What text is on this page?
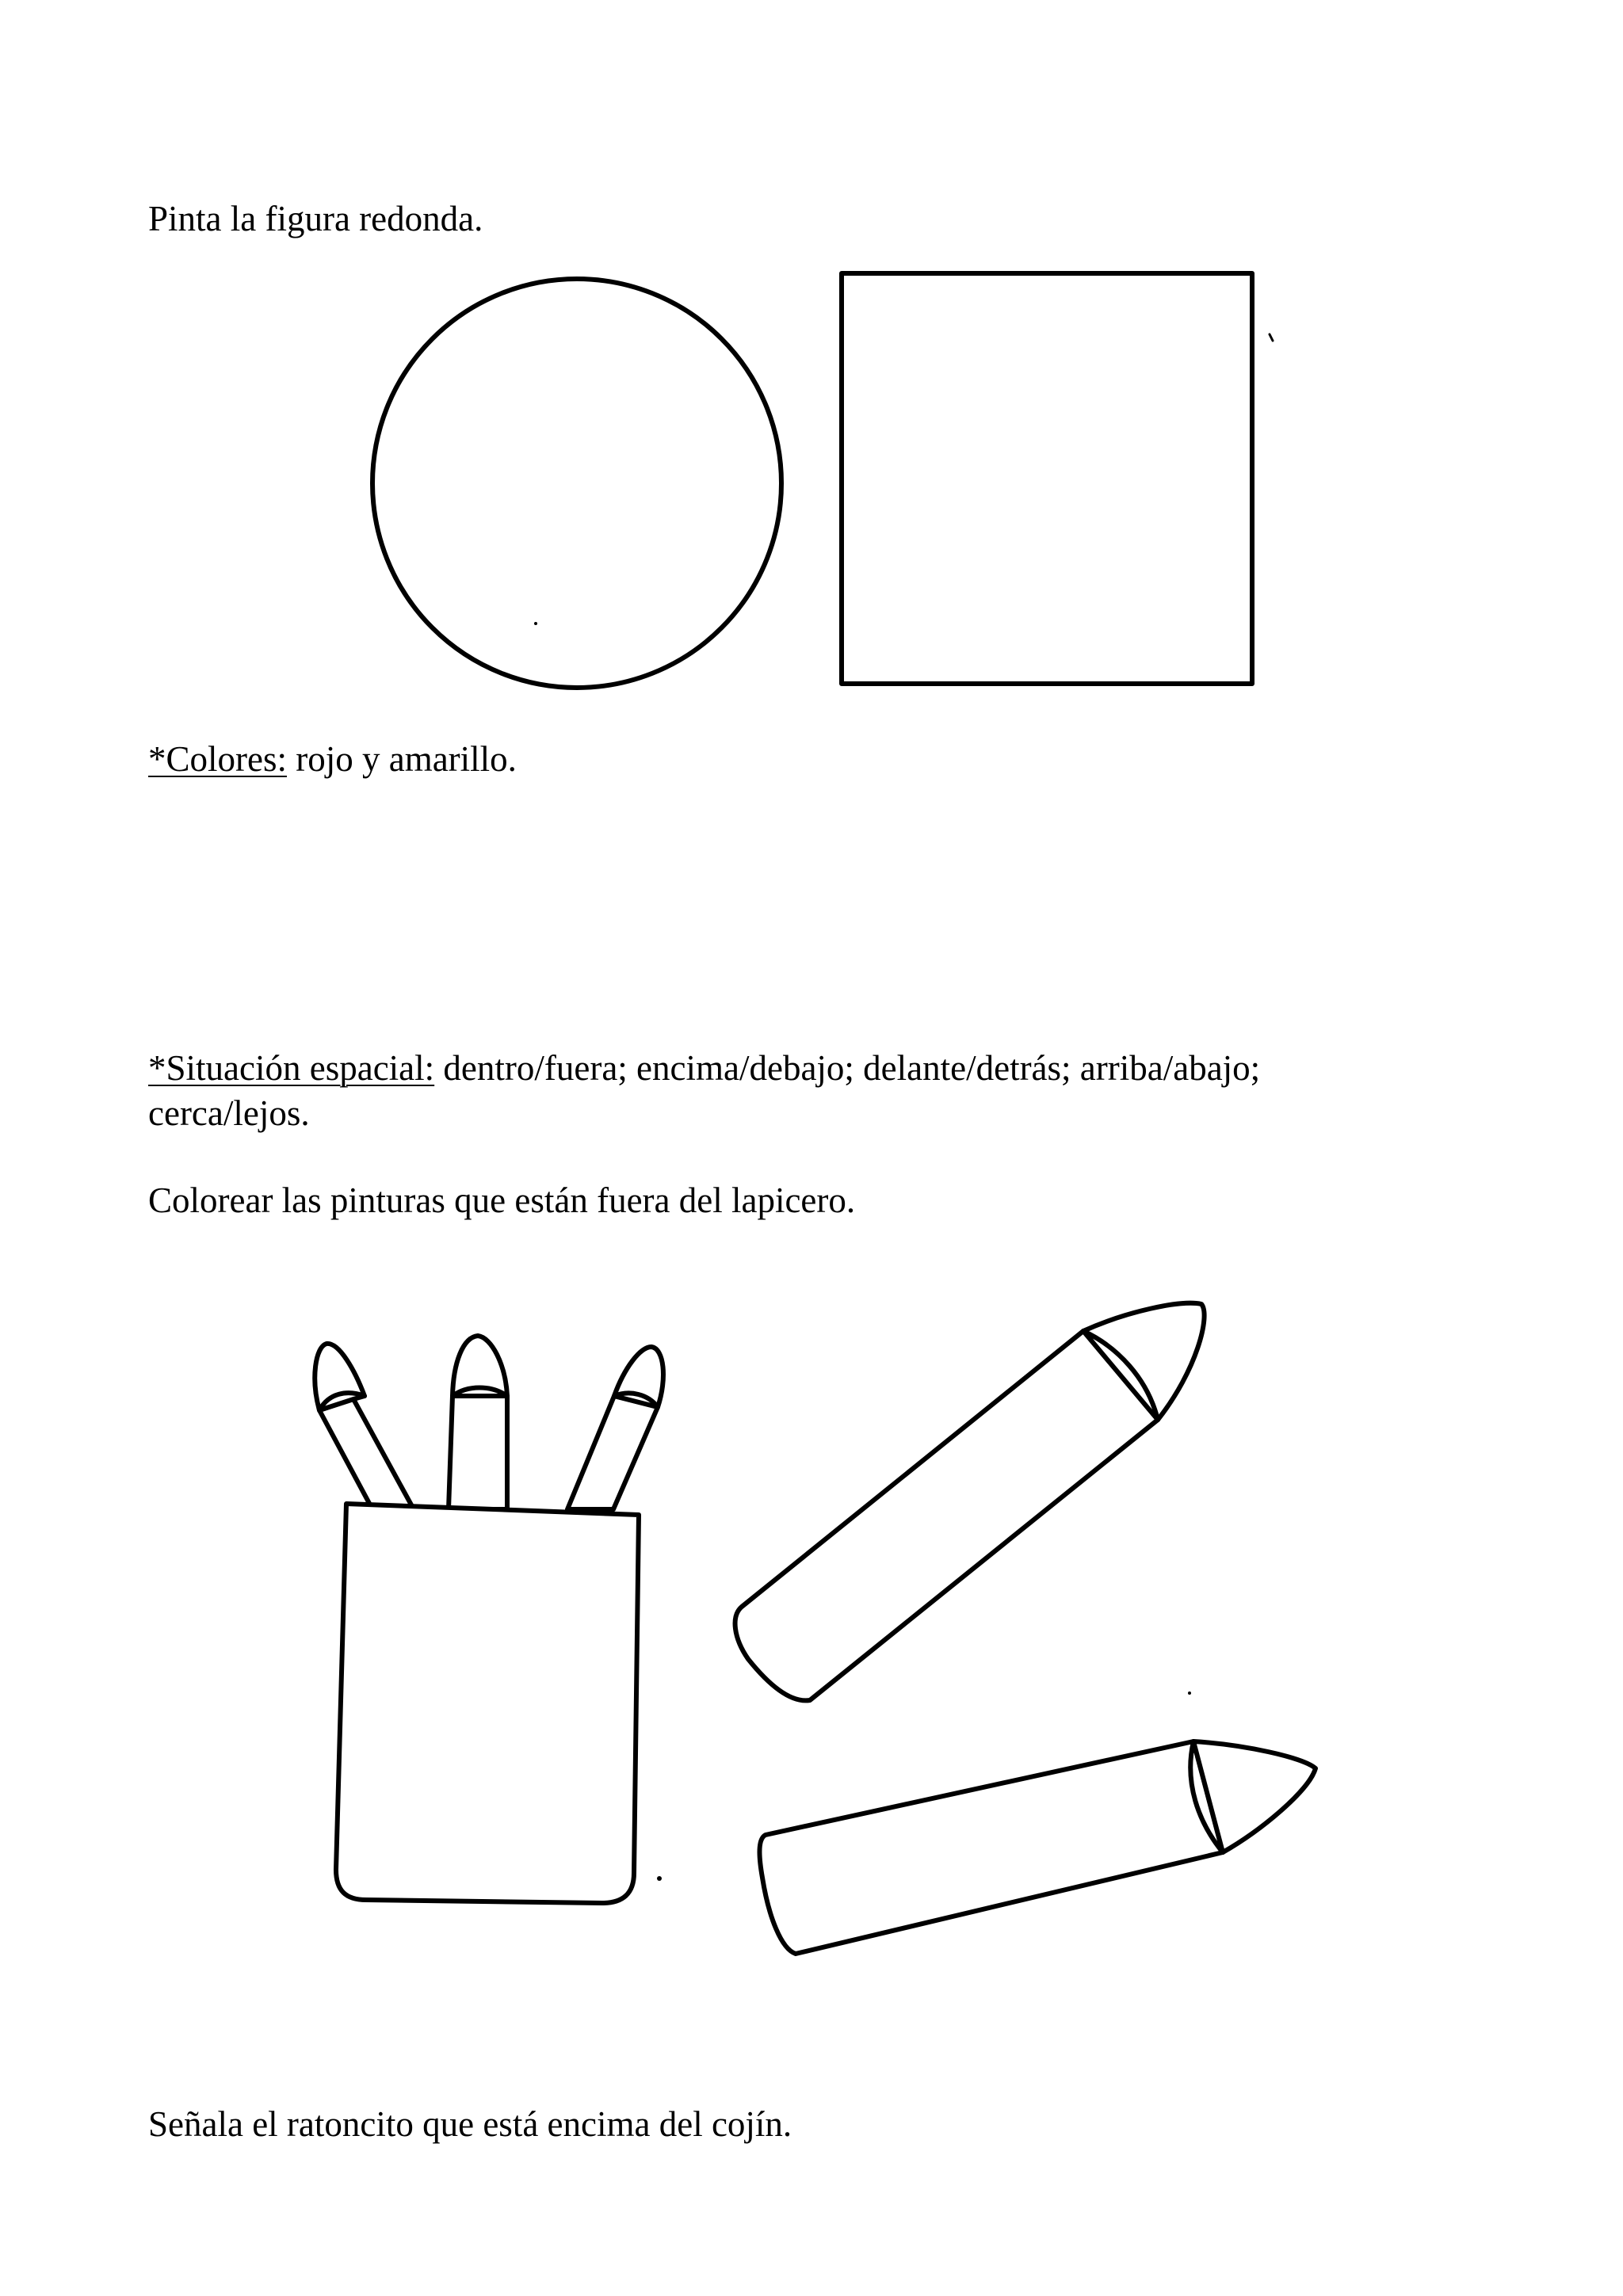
Pinta la figura redonda.
*Colores: rojo y amarillo.
*Situación espacial: dentro/fuera; encima/debajo; delante/detrás; arriba/abajo;
cerca/lejos.
Colorear las pinturas que están fuera del lapicero.
Señala el ratoncito que está encima del cojín.
